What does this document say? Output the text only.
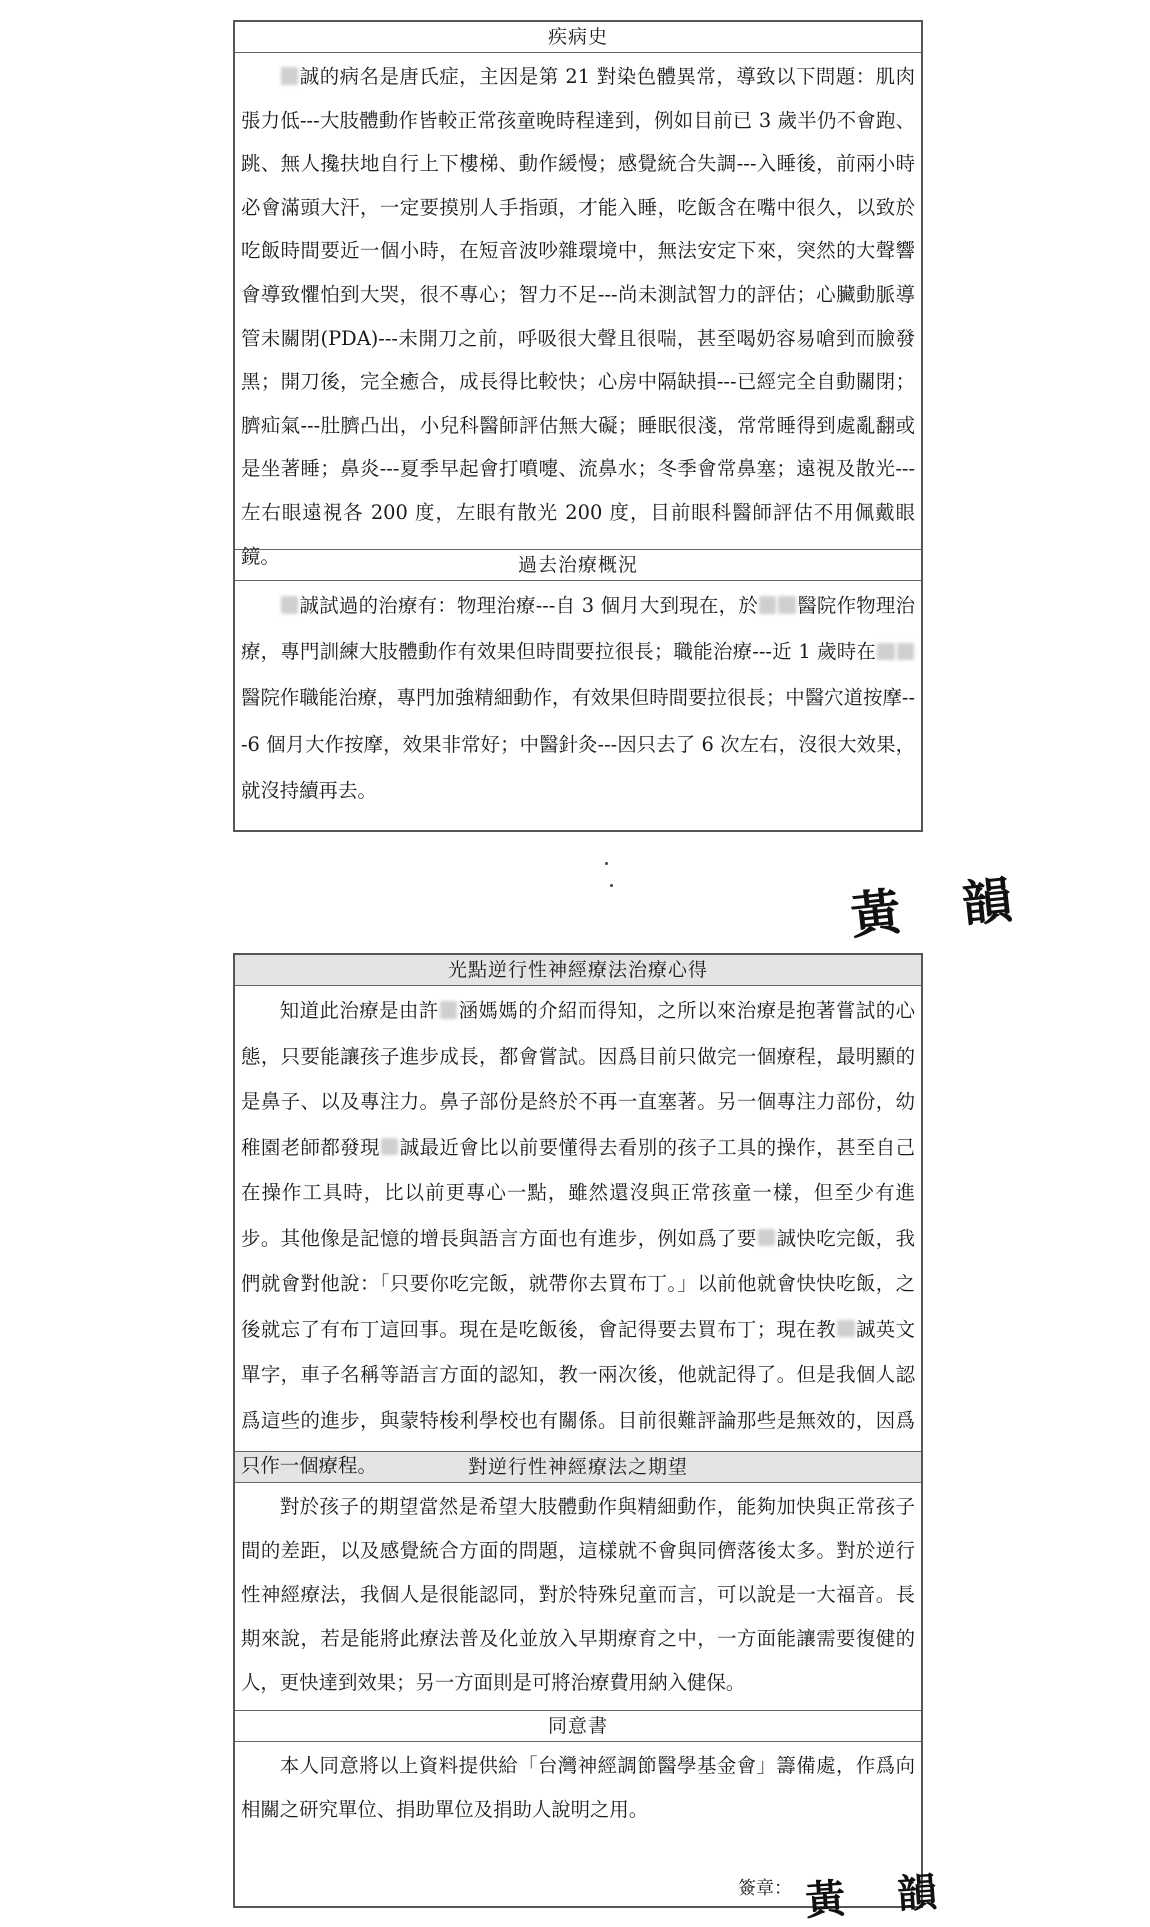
疾病史

誠的病名是唐氏症，主因是第 21 對染色體異常，導致以下問題：肌肉張力低---大肢體動作皆較正常孩童晚時程達到，例如目前已 3 歲半仍不會跑、跳、無人攙扶地自行上下樓梯、動作緩慢；感覺統合失調---入睡後，前兩小時必會滿頭大汗，一定要摸別人手指頭，才能入睡，吃飯含在嘴中很久，以致於吃飯時間要近一個小時，在短音波吵雜環境中，無法安定下來，突然的大聲響會導致懼怕到大哭，很不專心；智力不足---尚未測試智力的評估；心臟動脈導管未關閉(PDA)---未開刀之前，呼吸很大聲且很喘，甚至喝奶容易嗆到而臉發黑；開刀後，完全癒合，成長得比較快；心房中隔缺損---已經完全自動關閉；臍疝氣---肚臍凸出，小兒科醫師評估無大礙；睡眠很淺，常常睡得到處亂翻或是坐著睡；鼻炎---夏季早起會打噴嚏、流鼻水；冬季會常鼻塞；遠視及散光---左右眼遠視各 200 度，左眼有散光 200 度，目前眼科醫師評估不用佩戴眼鏡。	過去治療概況

誠試過的治療有：物理治療---自 3 個月大到現在，於 醫院作物理治療，專門訓練大肢體動作有效果但時間要拉很長；職能治療---近 1 歲時在醫院作職能治療，專門加強精細動作，有效果但時間要拉很長；中醫穴道按摩---6 個月大作按摩，效果非常好；中醫針灸---因只去了 6 次左右，沒很大效果，就沒持續再去。

黃　韻
光點逆行性神經療法治療心得

知道此治療是由許 涵媽媽的介紹而得知，之所以來治療是抱著嘗試的心態，只要能讓孩子進步成長，都會嘗試。因爲目前只做完一個療程，最明顯的是鼻子、以及專注力。鼻子部份是終於不再一直塞著。另一個專注力部份，幼稚園老師都發現 誠最近會比以前要懂得去看別的孩子工具的操作，甚至自己在操作工具時，比以前更專心一點，雖然還沒與正常孩童一樣，但至少有進步。其他像是記憶的增長與語言方面也有進步，例如爲了要 誠快吃完飯，我們就會對他說：「只要你吃完飯，就帶你去買布丁。」以前他就會快快吃飯，之後就忘了有布丁這回事。現在是吃飯後，會記得要去買布丁；現在教 誠英文單字，車子名稱等語言方面的認知，教一兩次後，他就記得了。但是我個人認爲這些的進步，與蒙特梭利學校也有關係。目前很難評論那些是無效的，因爲只作一個療程。	對逆行性神經療法之期望

對於孩子的期望當然是希望大肢體動作與精細動作，能夠加快與正常孩子間的差距，以及感覺統合方面的問題，這樣就不會與同儕落後太多。對於逆行性神經療法，我個人是很能認同，對於特殊兒童而言，可以說是一大福音。長期來說，若是能將此療法普及化並放入早期療育之中，一方面能讓需要復健的人，更快達到效果；另一方面則是可將治療費用納入健保。

同意書

本人同意將以上資料提供給「台灣神經調節醫學基金會」籌備處，作爲向相關之研究單位、捐助單位及捐助人說明之用。

簽章： 黃　韻
